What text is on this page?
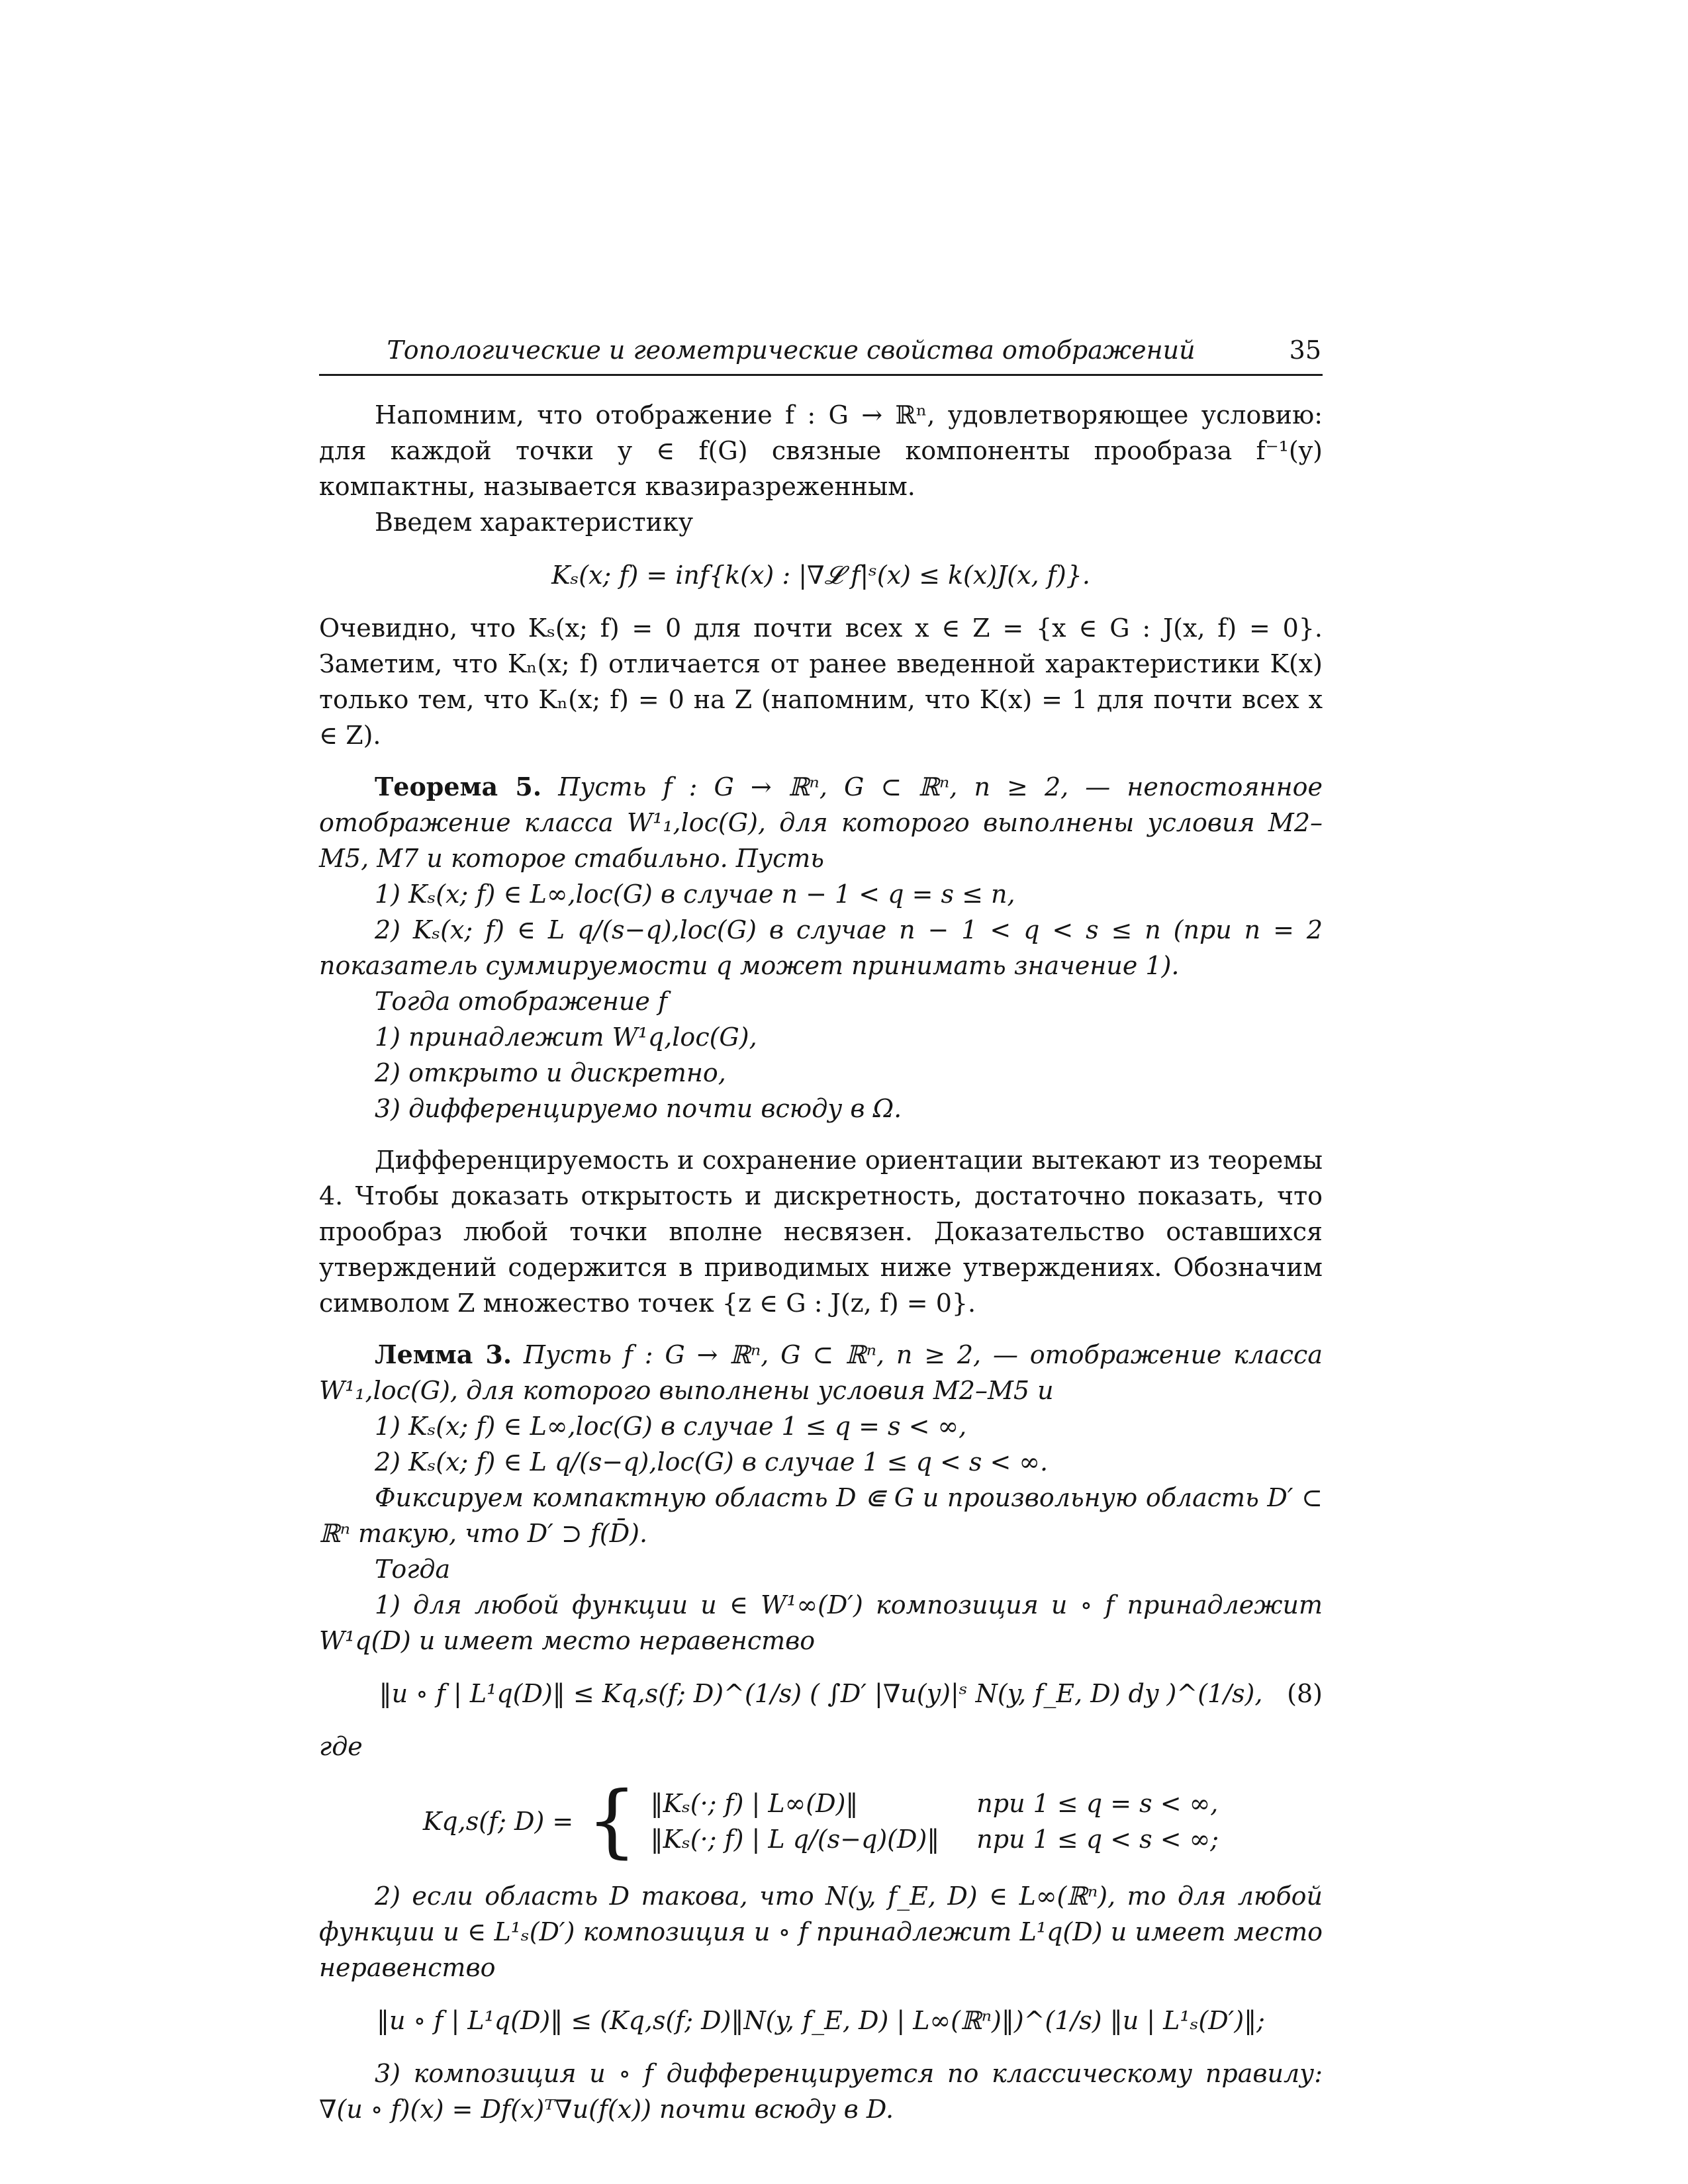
Топологические и геометрические свойства отображений	35

Напомним, что отображение f : G → ℝⁿ, удовлетворяющее условию: для каждой точки y ∈ f(G) связные компоненты прообраза f⁻¹(y) компактны, называется квазиразреженным.

Введем характеристику

Kₛ(x; f) = inf{k(x) : |∇𝓛 f|ˢ(x) ≤ k(x)J(x, f)}.

Очевидно, что Kₛ(x; f) = 0 для почти всех x ∈ Z = {x ∈ G : J(x, f) = 0}. Заметим, что Kₙ(x; f) отличается от ранее введенной характеристики K(x) только тем, что Kₙ(x; f) = 0 на Z (напомним, что K(x) = 1 для почти всех x ∈ Z).

Теорема 5. Пусть f : G → ℝⁿ, G ⊂ ℝⁿ, n ≥ 2, — непостоянное отображение класса W¹₁,loc(G), для которого выполнены условия M2–M5, M7 и которое стабильно. Пусть

1) Kₛ(x; f) ∈ L∞,loc(G) в случае n − 1 < q = s ≤ n,

2) Kₛ(x; f) ∈ L q/(s−q),loc(G) в случае n − 1 < q < s ≤ n (при n = 2 показатель суммируемости q может принимать значение 1).

Тогда отображение f

1) принадлежит W¹q,loc(G),

2) открыто и дискретно,

3) дифференцируемо почти всюду в Ω.

Дифференцируемость и сохранение ориентации вытекают из теоремы 4. Чтобы доказать открытость и дискретность, достаточно показать, что прообраз любой точки вполне несвязен. Доказательство оставшихся утверждений содержится в приводимых ниже утверждениях. Обозначим символом Z множество точек {z ∈ G : J(z, f) = 0}.

Лемма 3. Пусть f : G → ℝⁿ, G ⊂ ℝⁿ, n ≥ 2, — отображение класса W¹₁,loc(G), для которого выполнены условия M2–M5 и

1) Kₛ(x; f) ∈ L∞,loc(G) в случае 1 ≤ q = s < ∞,

2) Kₛ(x; f) ∈ L q/(s−q),loc(G) в случае 1 ≤ q < s < ∞.

Фиксируем компактную область D ⋐ G и произвольную область D′ ⊂ ℝⁿ такую, что D′ ⊃ f(D̄).

Тогда

1) для любой функции u ∈ W¹∞(D′) композиция u ∘ f принадлежит W¹q(D) и имеет место неравенство

‖u ∘ f | L¹q(D)‖ ≤ Kq,s(f; D)^(1/s) ( ∫D′ |∇u(y)|ˢ N(y, f_E, D) dy )^(1/s), (8)

где

Kq,s(f; D) = { ‖Kₛ(·; f) | L∞(D)‖	при 1 ≤ q = s < ∞,
‖Kₛ(·; f) | L q/(s−q)(D)‖ при 1 ≤ q < s < ∞;

2) если область D такова, что N(y, f_E, D) ∈ L∞(ℝⁿ), то для любой функции u ∈ L¹ₛ(D′) композиция u ∘ f принадлежит L¹q(D) и имеет место неравенство

‖u ∘ f | L¹q(D)‖ ≤ (Kq,s(f; D)‖N(y, f_E, D) | L∞(ℝⁿ)‖)^(1/s) ‖u | L¹ₛ(D′)‖;

3) композиция u ∘ f дифференцируется по классическому правилу: ∇(u ∘ f)(x) = Df(x)ᵀ∇u(f(x)) почти всюду в D.
